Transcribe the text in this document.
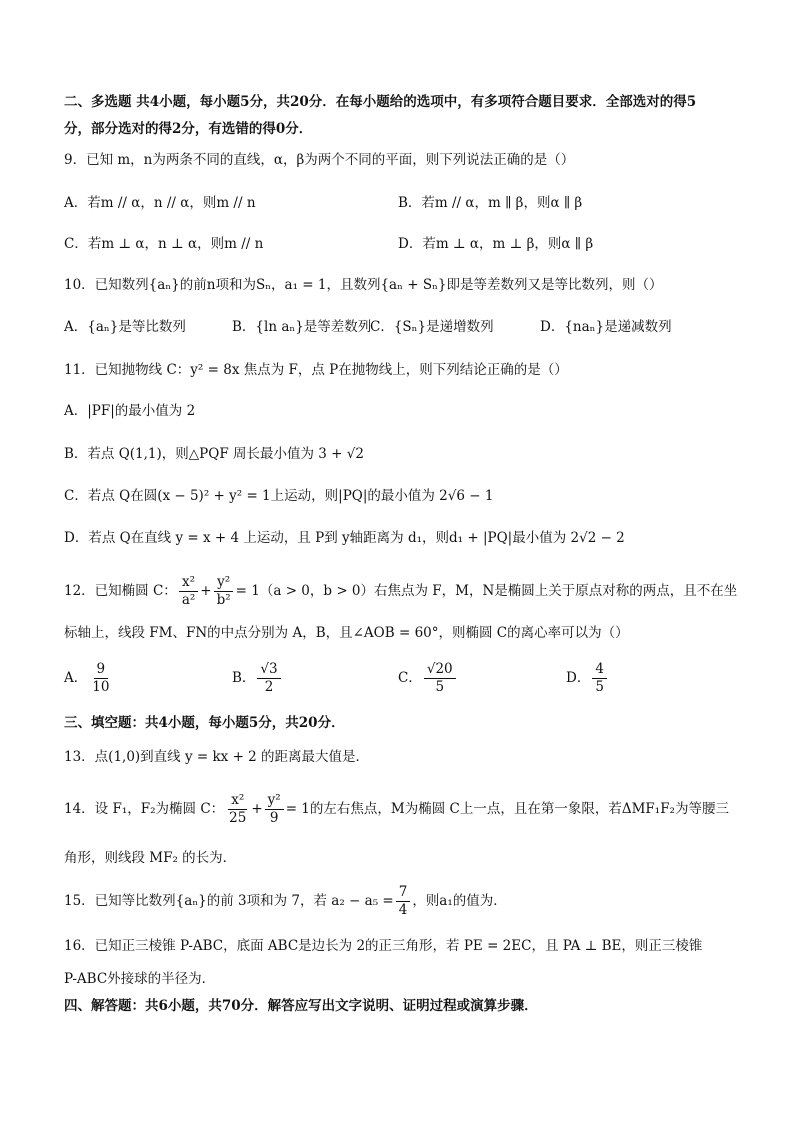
二、多选题 共4小题，每小题5分，共20分．在每小题给的选项中，有多项符合题目要求．全部选对的得5
分，部分选对的得2分，有选错的得0分．
9．已知 m，n为两条不同的直线，α，β为两个不同的平面，则下列说法正确的是（）
A．若m // α，n // α，则m // n	B．若m // α，m ∥ β，则α ∥ β
C．若m ⊥ α，n ⊥ α，则m // n	D．若m ⊥ α，m ⊥ β，则α ∥ β
10．已知数列{aₙ}的前n项和为Sₙ，a₁ = 1，且数列{aₙ + Sₙ}即是等差数列又是等比数列，则（）
A．{aₙ}是等比数列	B．{ln aₙ}是等差数列
C．{Sₙ}是递增数列	D．{naₙ}是递减数列
11．已知抛物线 C：y² = 8x 焦点为 F，点 P在抛物线上，则下列结论正确的是（）
A．|PF|的最小值为 2
B．若点 Q(1,1)，则△PQF 周长最小值为 3 + √2
C．若点 Q在圆(x − 5)² + y² = 1上运动，则|PQ|的最小值为 2√6 − 1
D．若点 Q在直线 y = x + 4 上运动，且 P到 y轴距离为 d₁，则d₁ + |PQ|最小值为 2√2 − 2
12．已知椭圆 C： $\frac{\text{x²}}{\text{a²}} + \frac{\text{y²}}{\text{b²}} = 1(a > 0$，b > 0）右焦点为 F，M，N是椭圆上关于原点对称的两点，且不在坐
标轴上，线段 FM、FN的中点分别为 A，B，且∠AOB = 60°，则椭圆 C的离心率可以为（）
A． $\frac{9}{10}$	B． $\frac{√3}{2}$	C． $\frac{√20}{5}$	D． $\frac{4}{5}$
三、填空题：共4小题，每小题5分，共20分．
13．点(1,0)到直线 y = kx + 2 的距离最大值是．
14．设 F₁，F₂为椭圆 C： $\frac{\text{x²}}{25} + \frac{\text{y²}}{9} = 1$的左右焦点，M为椭圆 C上一点，且在第一象限，若ΔMF₁F₂为等腰三
角形，则线段 MF₂ 的长为．
15．已知等比数列{aₙ}的前 3项和为 7，若 $a_2 - a_5 = \frac{7}{4}$ ，则a₁的值为．
16．已知正三棱锥 P-ABC，底面 ABC是边长为 2的正三角形，若 PE = 2EC，且 PA ⊥ BE，则正三棱锥
P-ABC外接球的半径为．
四、解答题：共6小题，共70分．解答应写出文字说明、证明过程或演算步骤．
